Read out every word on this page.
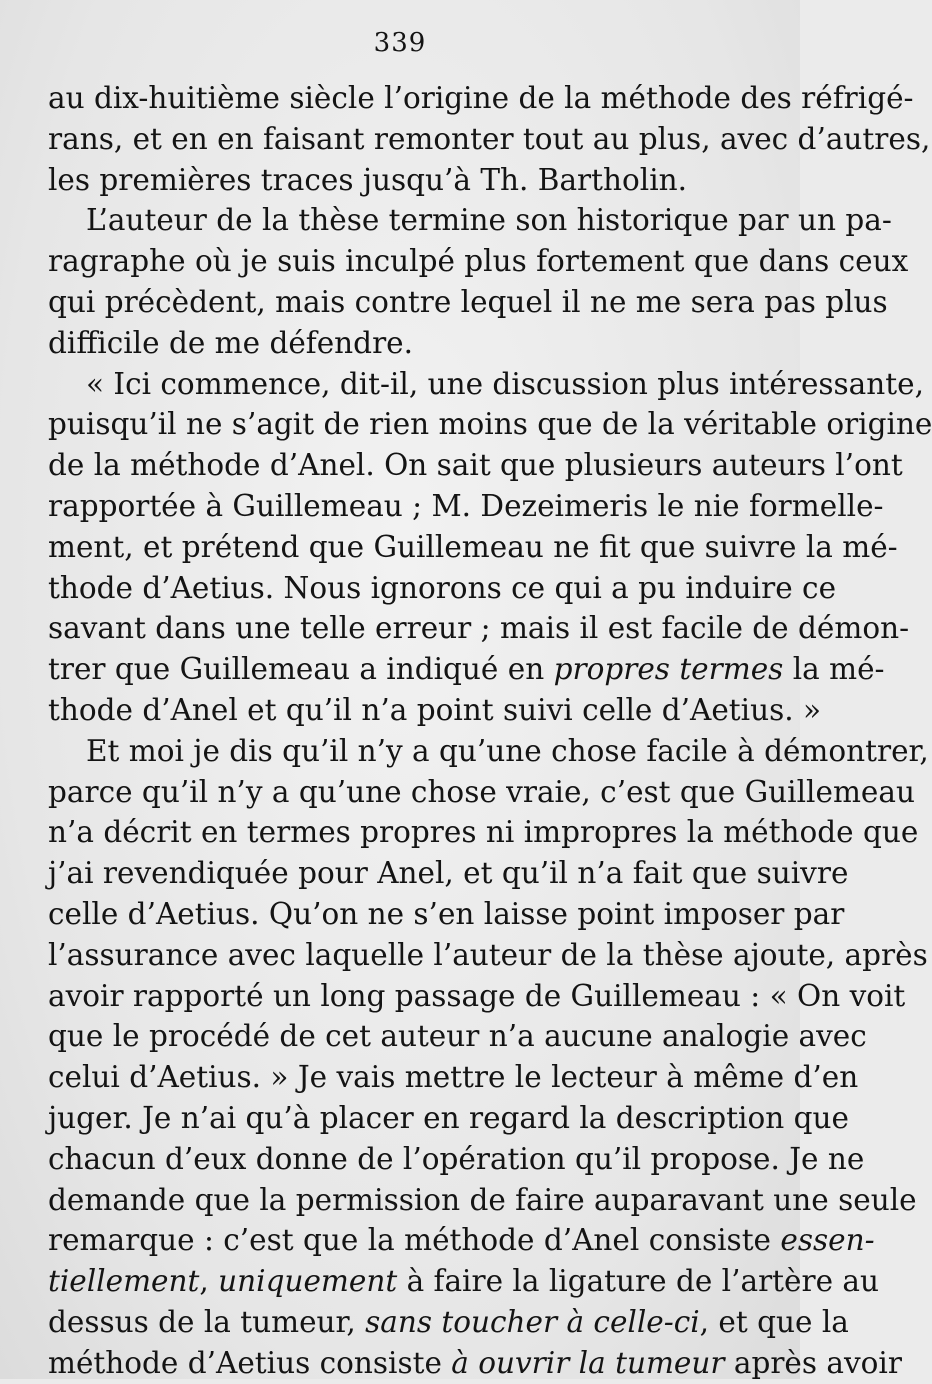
339
au dix-huitième siècle l’origine de la méthode des réfrigé-
rans, et en en faisant remonter tout au plus, avec d’autres,
les premières traces jusqu’à Th. Bartholin.
L’auteur de la thèse termine son historique par un pa-
ragraphe où je suis inculpé plus fortement que dans ceux
qui précèdent, mais contre lequel il ne me sera pas plus
difficile de me défendre.
« Ici commence, dit-il, une discussion plus intéressante,
puisqu’il ne s’agit de rien moins que de la véritable origine
de la méthode d’Anel. On sait que plusieurs auteurs l’ont
rapportée à Guillemeau ; M. Dezeimeris le nie formelle-
ment, et prétend que Guillemeau ne fit que suivre la mé-
thode d’Aetius. Nous ignorons ce qui a pu induire ce
savant dans une telle erreur ; mais il est facile de démon-
trer que Guillemeau a indiqué en propres termes la mé-
thode d’Anel et qu’il n’a point suivi celle d’Aetius. »
Et moi je dis qu’il n’y a qu’une chose facile à démontrer,
parce qu’il n’y a qu’une chose vraie, c’est que Guillemeau
n’a décrit en termes propres ni impropres la méthode que
j’ai revendiquée pour Anel, et qu’il n’a fait que suivre
celle d’Aetius. Qu’on ne s’en laisse point imposer par
l’assurance avec laquelle l’auteur de la thèse ajoute, après
avoir rapporté un long passage de Guillemeau : « On voit
que le procédé de cet auteur n’a aucune analogie avec
celui d’Aetius. » Je vais mettre le lecteur à même d’en
juger. Je n’ai qu’à placer en regard la description que
chacun d’eux donne de l’opération qu’il propose. Je ne
demande que la permission de faire auparavant une seule
remarque : c’est que la méthode d’Anel consiste essen-
tiellement, uniquement à faire la ligature de l’artère au
dessus de la tumeur, sans toucher à celle-ci, et que la
méthode d’Aetius consiste à ouvrir la tumeur après avoir
